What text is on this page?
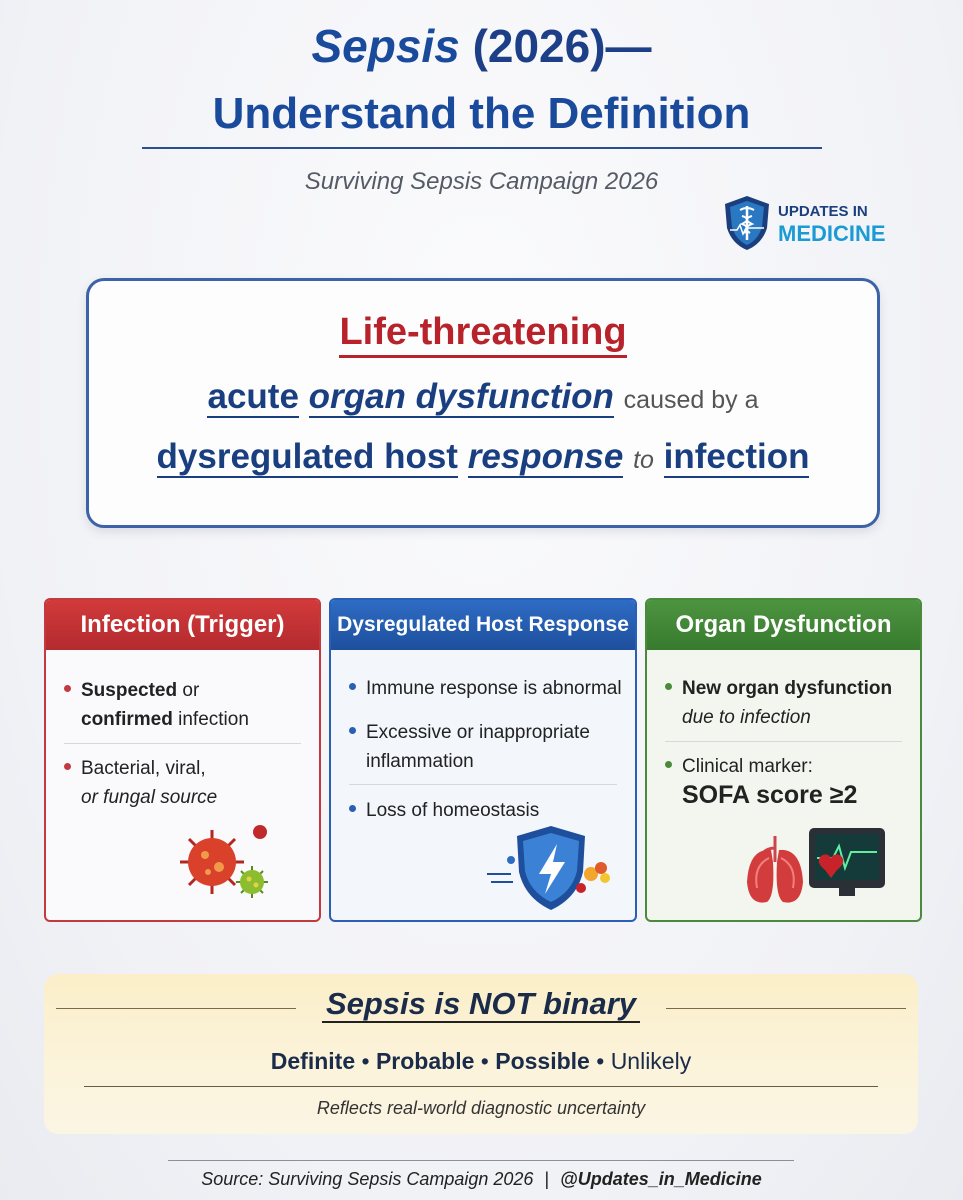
Sepsis (2026)—
Understand the Definition
Surviving Sepsis Campaign 2026
UPDATES IN
MEDICINE
Life-threatening
acute organ dysfunction caused by a
dysregulated host response to infection
Infection (Trigger)
Suspected or
confirmed infection
Bacterial, viral,
or fungal source
Dysregulated Host Response
Immune response is abnormal
Excessive or inappropriate
inflammation
Loss of homeostasis
Organ Dysfunction
New organ dysfunction
due to infection
Clinical marker:
SOFA score ≥2
Sepsis is NOT binary
Definite • Probable • Possible • Unlikely
Reflects real-world diagnostic uncertainty
Source: Surviving Sepsis Campaign 2026 | @Updates_in_Medicine
